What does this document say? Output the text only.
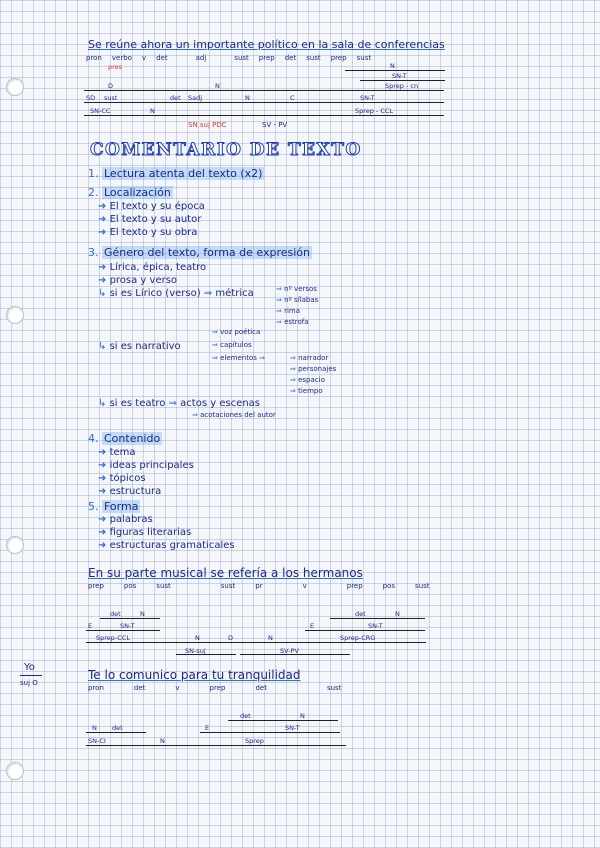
Se reúne ahora un importante político en la sala de conferencias
pron verbo v det	adj	sust prep det sust prep sust
pres	N
SN-T
D	N	Sprep - cn
SD sust	det Sadj	N	C	SN-T
SN-CC	N	Sprep - CCL
SN suj PDC	SV - PV
COMENTARIO DE TEXTO
1. Lectura atenta del texto (x2)
2. Localización
➜ El texto y su época
➜ El texto y su autor
➜ El texto y su obra
3. Género del texto, forma de expresión
➜ Lírica, épica, teatro
➜ prosa y verso
↳ si es Lírico (verso) ⇒ métrica	⇒ nº versos
⇒ nº sílabas
⇒ rima
⇒ estrofa
⇒ voz poética
↳ si es narrativo	⇒ capítulos
⇒ elementos ⇒	⇒ narrador
⇒ personajes
⇒ espacio
⇒ tiempo
↳ si es teatro ⇒ actos y escenas
⇒ acotaciones del autor
4. Contenido
➜ tema
➜ ideas principales
➜ tópicos
➜ estructura
5. Forma
➜ palabras
➜ figuras literarias
➜ estructuras gramaticales
En su parte musical se refería a los hermanos
prep	pos	sust	sust	pr	v	prep	pos	sust
det	N	det	N
E	SN-T	E	SN-T
Sprep-CCL	N	D	N	Sprep-CRG
SN-suj	SV-PV
Yo
suj O
Te lo comunico para tu tranquilidad
pron	det	v	prep	det	sust
det	N
N det	E	SN-T
SN-CI	N	Sprep
